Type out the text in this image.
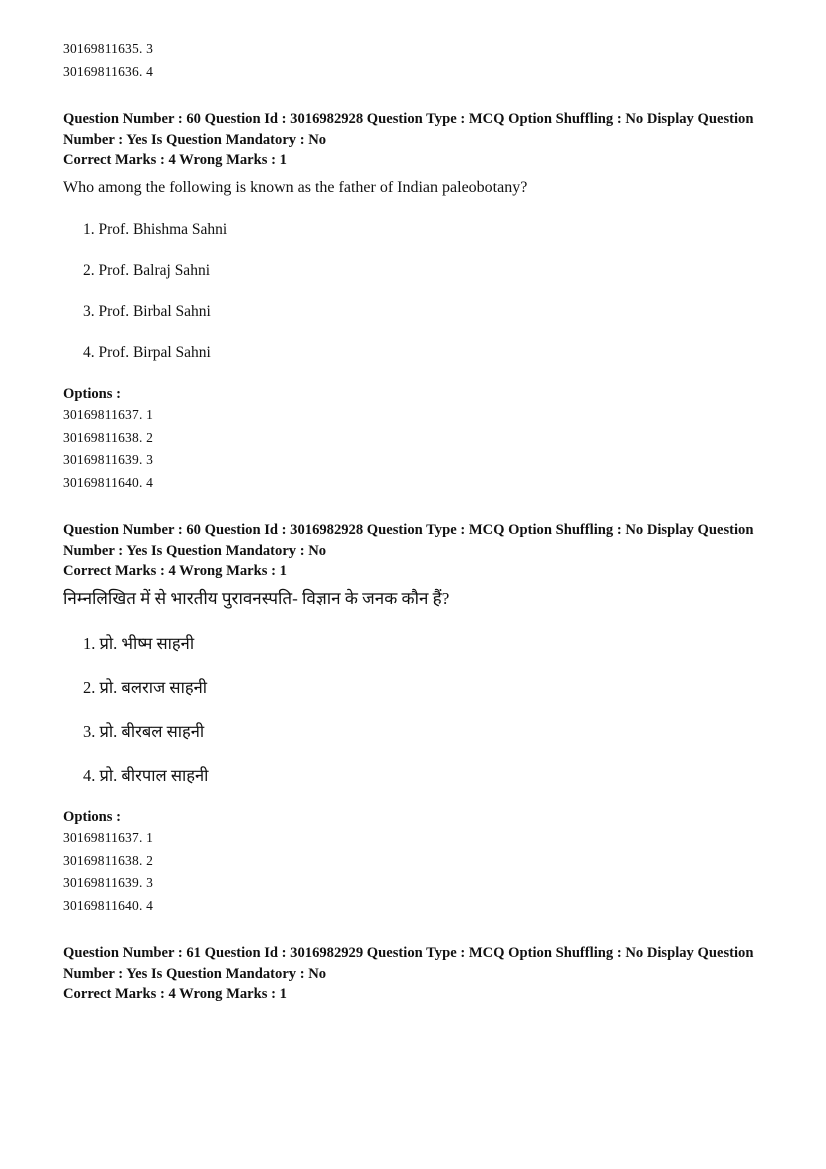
30169811635. 3
30169811636. 4
Question Number : 60 Question Id : 3016982928 Question Type : MCQ Option Shuffling : No Display Question
Number : Yes Is Question Mandatory : No
Correct Marks : 4 Wrong Marks : 1
Who among the following is known as the father of Indian paleobotany?
1. Prof. Bhishma Sahni
2. Prof. Balraj Sahni
3. Prof. Birbal Sahni
4. Prof. Birpal Sahni
Options :
30169811637. 1
30169811638. 2
30169811639. 3
30169811640. 4
Question Number : 60 Question Id : 3016982928 Question Type : MCQ Option Shuffling : No Display Question
Number : Yes Is Question Mandatory : No
Correct Marks : 4 Wrong Marks : 1
निम्नलिखित में से भारतीय पुरावनस्पति- विज्ञान के जनक कौन हैं?
1. प्रो. भीष्म साहनी
2. प्रो. बलराज साहनी
3. प्रो. बीरबल साहनी
4. प्रो. बीरपाल साहनी
Options :
30169811637. 1
30169811638. 2
30169811639. 3
30169811640. 4
Question Number : 61 Question Id : 3016982929 Question Type : MCQ Option Shuffling : No Display Question
Number : Yes Is Question Mandatory : No
Correct Marks : 4 Wrong Marks : 1
